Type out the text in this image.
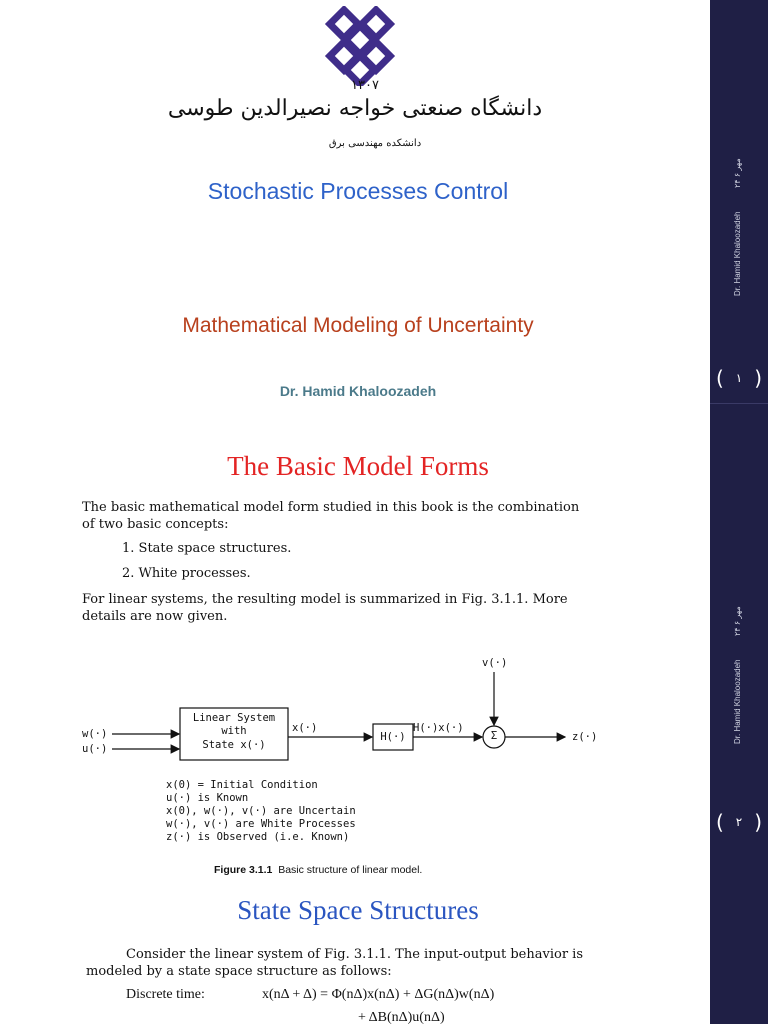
۱۳۰۷
دانشگاه صنعتی خواجه نصیرالدین طوسی
دانشکده مهندسی برق
Stochastic Processes Control
Mathematical Modeling of Uncertainty
Dr. Hamid Khaloozadeh
The Basic Model Forms
The basic mathematical model form studied in this book is the combination
of two basic concepts:
1. State space structures.
2. White processes.
For linear systems, the resulting model is summarized in Fig. 3.1.1. More
details are now given.
v(·)
w(·)
u(·)
Linear System
with
State x(·)
x(·)
H(·)
H(·)x(·)
Σ	z(·)
x(0) = Initial Condition
u(·) is Known
x(0), w(·), v(·) are Uncertain
w(·), v(·) are White Processes
z(·) is Observed (i.e. Known)
Figure 3.1.1 Basic structure of linear model.
State Space Structures
Consider the linear system of Fig. 3.1.1. The input-output behavior is
modeled by a state space structure as follows:
Discrete time:	x(nΔ + Δ) = Φ(nΔ)x(nΔ) + ΔG(nΔ)w(nΔ)
+ ΔB(nΔ)u(nΔ)
Dr. Hamid Khaloozadeh
۲۴ مهر ۶
( ۱ )
Dr. Hamid Khaloozadeh
۲۴ مهر ۶
( ۲ )
